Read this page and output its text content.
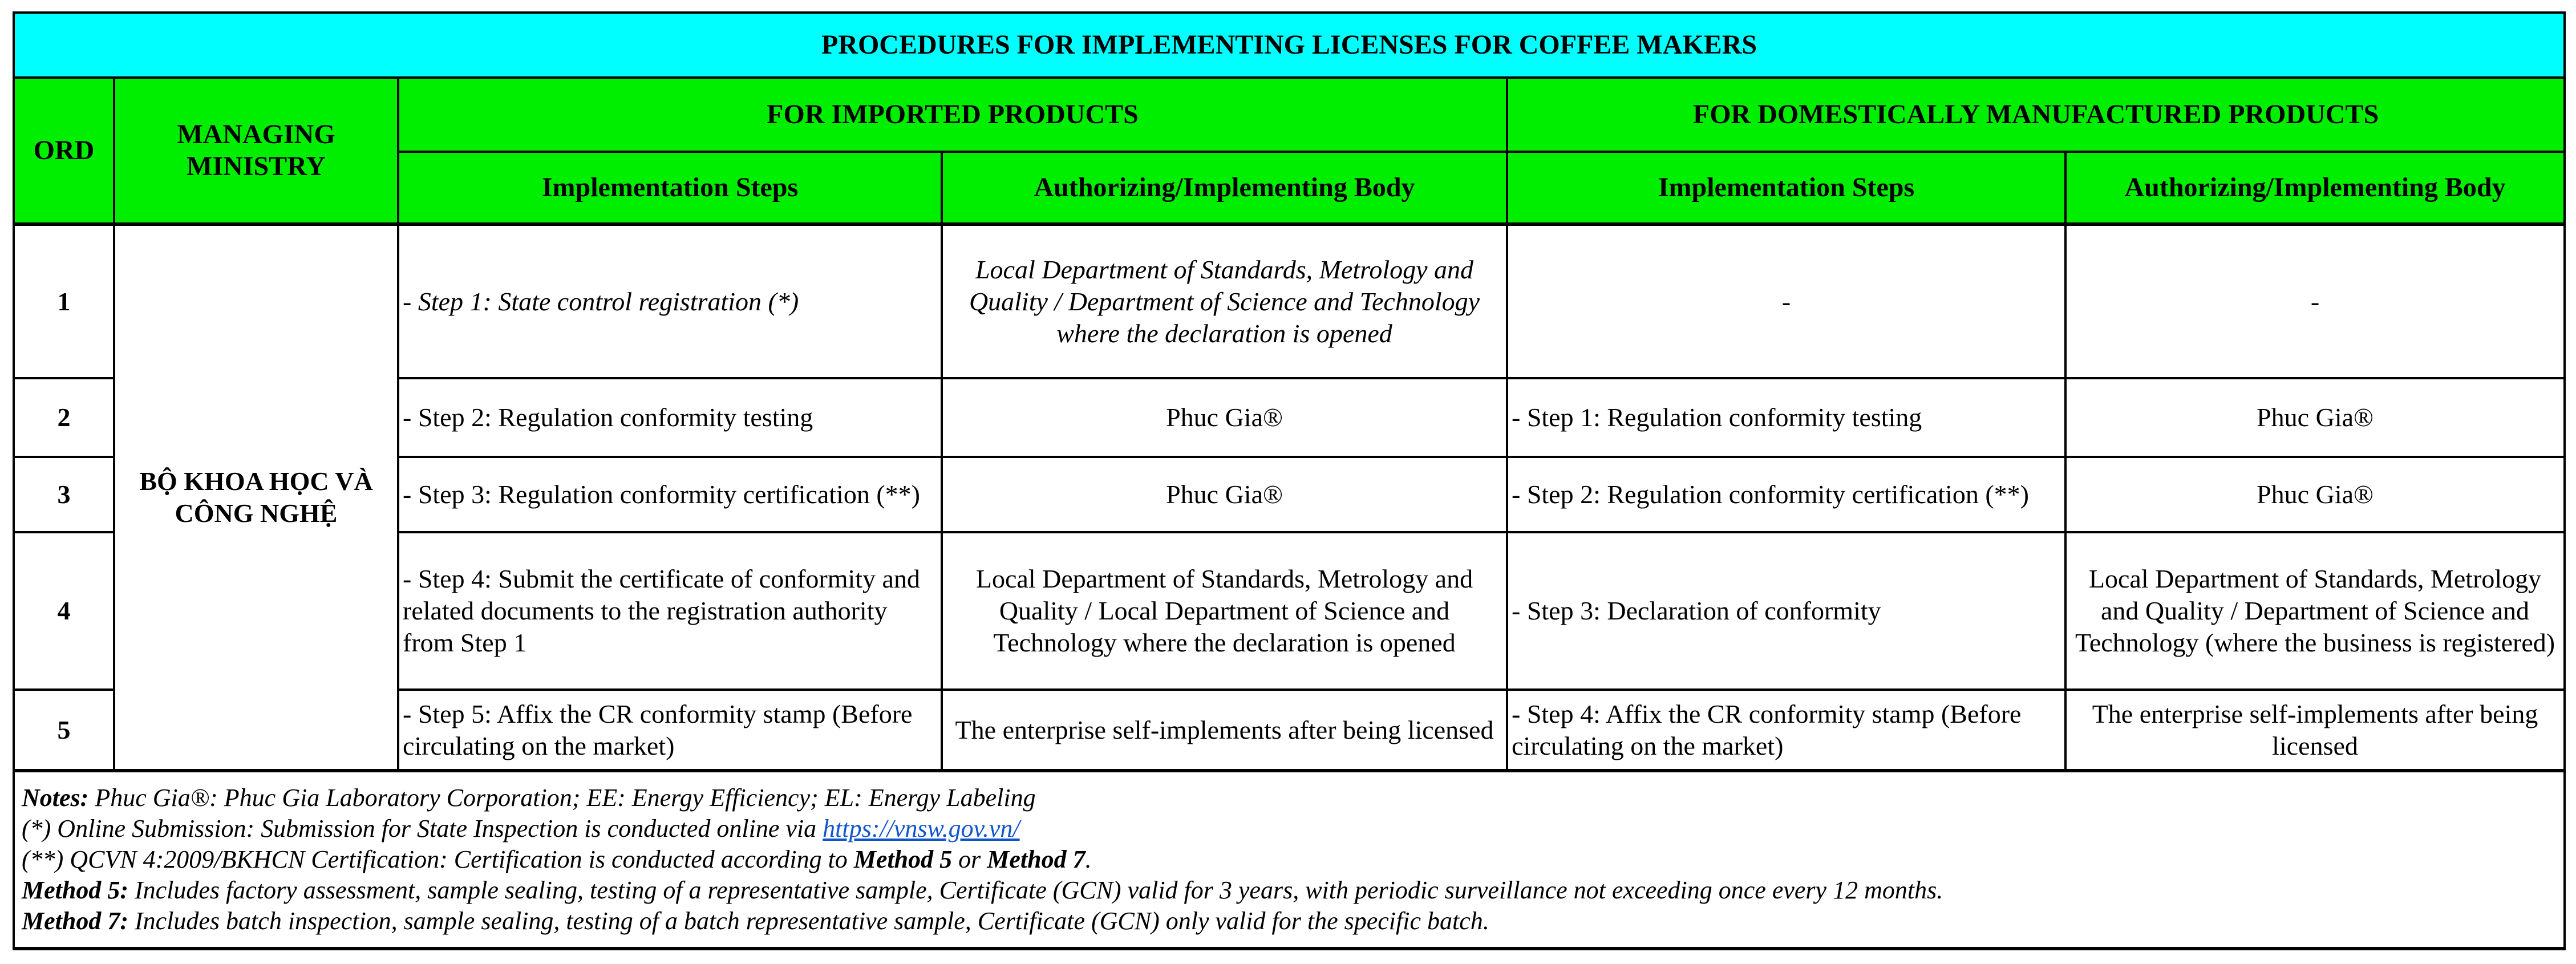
PROCEDURES FOR IMPLEMENTING LICENSES FOR COFFEE MAKERS					
ORD	MANAGING MINISTRY	FOR IMPORTED PRODUCTS		FOR DOMESTICALLY MANUFACTURED PRODUCTS	
		Implementation Steps	Authorizing/Implementing Body	Implementation Steps	Authorizing/Implementing Body
1	BỘ KHOA HỌC VÀ CÔNG NGHỆ	- Step 1: State control registration (*)	Local Department of Standards, Metrology and Quality / Department of Science and Technology where the declaration is opened	-	-
2		- Step 2: Regulation conformity testing	Phuc Gia®	- Step 1: Regulation conformity testing	Phuc Gia®
3		- Step 3: Regulation conformity certification (**)	Phuc Gia®	- Step 2: Regulation conformity certification (**)	Phuc Gia®
4		- Step 4: Submit the certificate of conformity and related documents to the registration authority from Step 1	Local Department of Standards, Metrology and Quality / Local Department of Science and Technology where the declaration is opened	- Step 3: Declaration of conformity	Local Department of Standards, Metrology and Quality / Department of Science and Technology (where the business is registered)
5		- Step 5: Affix the CR conformity stamp (Before circulating on the market)	The enterprise self-implements after being licensed	- Step 4: Affix the CR conformity stamp (Before circulating on the market)	The enterprise self-implements after being licensed

Notes: Phuc Gia®: Phuc Gia Laboratory Corporation; EE: Energy Efficiency; EL: Energy Labeling
(*) Online Submission: Submission for State Inspection is conducted online via https://vnsw.gov.vn/
(**) QCVN 4:2009/BKHCN Certification: Certification is conducted according to Method 5 or Method 7.
Method 5: Includes factory assessment, sample sealing, testing of a representative sample, Certificate (GCN) valid for 3 years, with periodic surveillance not exceeding once every 12 months.
Method 7: Includes batch inspection, sample sealing, testing of a batch representative sample, Certificate (GCN) only valid for the specific batch.					
